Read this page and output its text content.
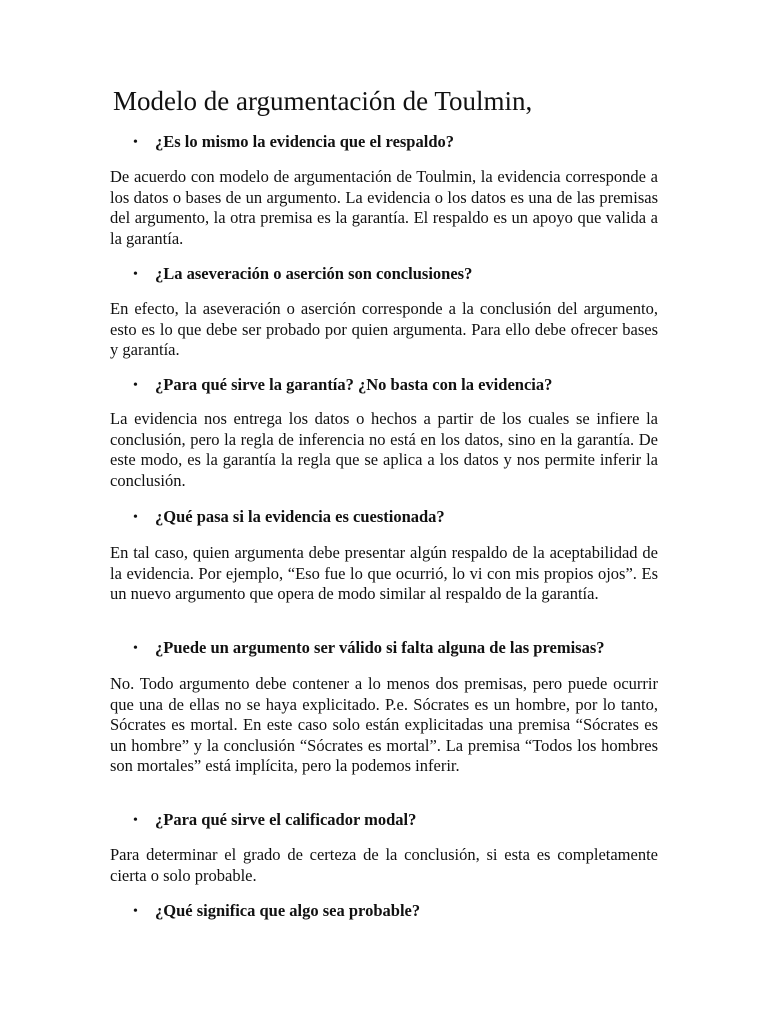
Modelo de argumentación de Toulmin,
• ¿Es lo mismo la evidencia que el respaldo?

De acuerdo con modelo de argumentación de Toulmin, la evidencia corresponde a los datos o bases de un argumento. La evidencia o los datos es una de las premisas del argumento, la otra premisa es la garantía. El respaldo es un apoyo que valida a la garantía.

• ¿La aseveración o aserción son conclusiones?

En efecto, la aseveración o aserción corresponde a la conclusión del argumento, esto es lo que debe ser probado por quien argumenta. Para ello debe ofrecer bases y garantía.

• ¿Para qué sirve la garantía? ¿No basta con la evidencia?

La evidencia nos entrega los datos o hechos a partir de los cuales se infiere la conclusión, pero la regla de inferencia no está en los datos, sino en la garantía. De este modo, es la garantía la regla que se aplica a los datos y nos permite inferir la conclusión.

• ¿Qué pasa si la evidencia es cuestionada?

En tal caso, quien argumenta debe presentar algún respaldo de la aceptabilidad de la evidencia. Por ejemplo, “Eso fue lo que ocurrió, lo vi con mis propios ojos”. Es un nuevo argumento que opera de modo similar al respaldo de la garantía.

• ¿Puede un argumento ser válido si falta alguna de las premisas?

No. Todo argumento debe contener a lo menos dos premisas, pero puede ocurrir que una de ellas no se haya explicitado. P.e. Sócrates es un hombre, por lo tanto, Sócrates es mortal. En este caso solo están explicitadas una premisa “Sócrates es un hombre” y la conclusión “Sócrates es mortal”. La premisa “Todos los hombres son mortales” está implícita, pero la podemos inferir.

• ¿Para qué sirve el calificador modal?

Para determinar el grado de certeza de la conclusión, si esta es completamente cierta o solo probable.

• ¿Qué significa que algo sea probable?
